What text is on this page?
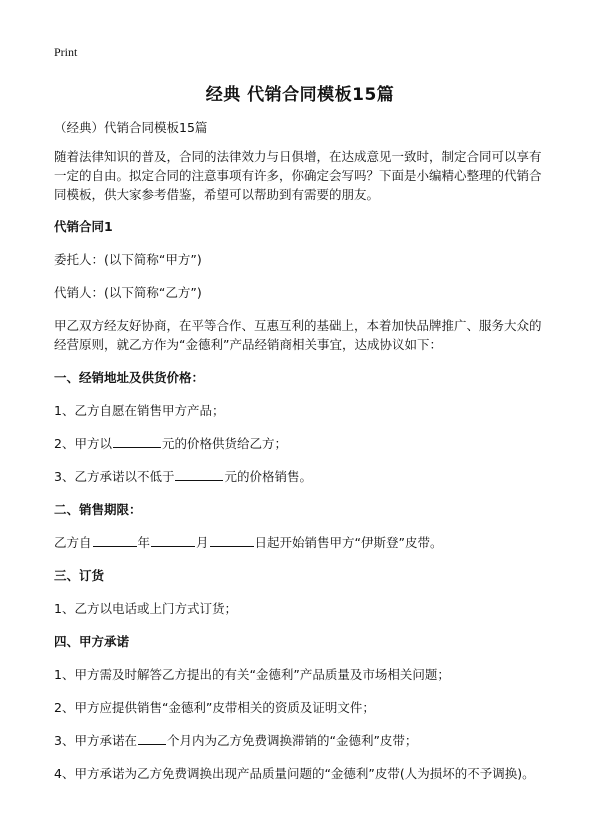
Print
经典 代销合同模板15篇

（经典）代销合同模板15篇

随着法律知识的普及，合同的法律效力与日俱增，在达成意见一致时，制定合同可以享有一定的自由。拟定合同的注意事项有许多，你确定会写吗？下面是小编精心整理的代销合同模板，供大家参考借鉴，希望可以帮助到有需要的朋友。

代销合同1

委托人：(以下简称“甲方”)

代销人：(以下简称“乙方”)

甲乙双方经友好协商，在平等合作、互惠互利的基础上，本着加快品牌推广、服务大众的经营原则，就乙方作为“金德利”产品经销商相关事宜，达成协议如下：

一、经销地址及供货价格：

1、乙方自愿在销售甲方产品；

2、甲方以	元的价格供货给乙方；

3、乙方承诺以不低于	元的价格销售。

二、销售期限：

乙方自	年	月	日起开始销售甲方“伊斯登”皮带。

三、订货

1、乙方以电话或上门方式订货；

四、甲方承诺

1、甲方需及时解答乙方提出的有关“金德利”产品质量及市场相关问题；

2、甲方应提供销售“金德利”皮带相关的资质及证明文件；

3、甲方承诺在 个月内为乙方免费调换滞销的“金德利”皮带；

4、甲方承诺为乙方免费调换出现产品质量问题的“金德利”皮带(人为损坏的不予调换)。
